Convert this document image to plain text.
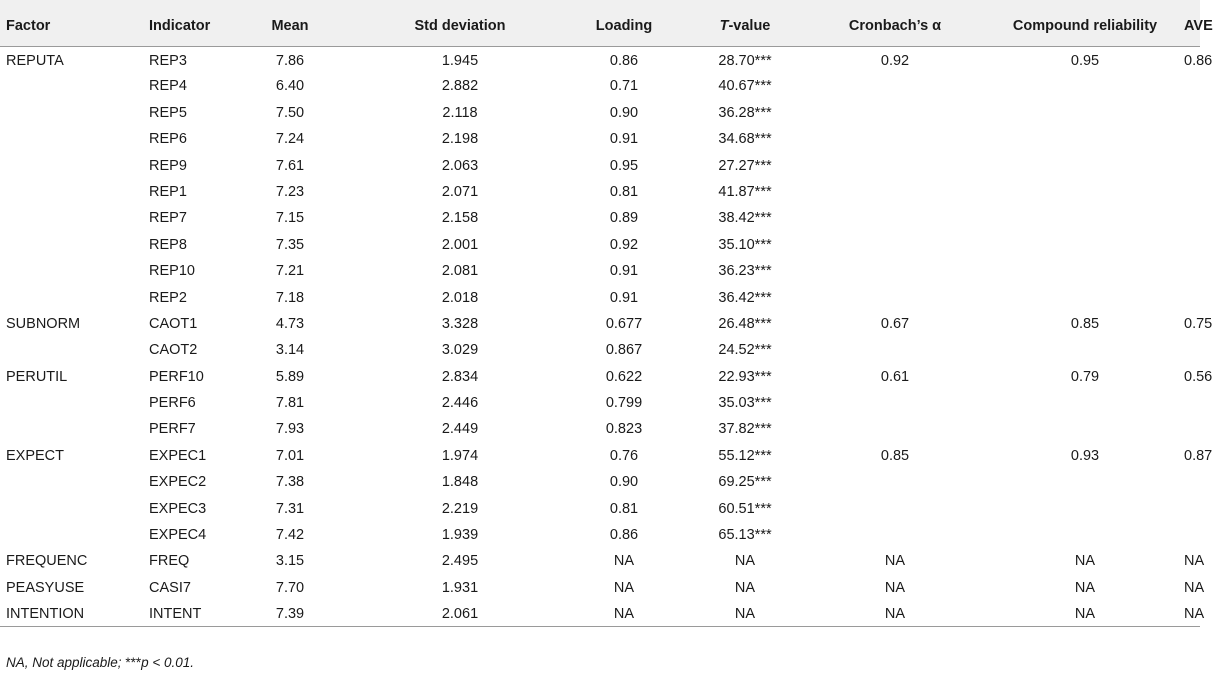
Factor	Indicator	Mean	Std deviation	Loading	T-value	Cronbach’s α	Compound reliability	AVE
REPUTA	REP3	7.86	1.945	0.86	28.70***	0.92	0.95	0.86
	REP4	6.40	2.882	0.71	40.67***			
	REP5	7.50	2.118	0.90	36.28***			
	REP6	7.24	2.198	0.91	34.68***			
	REP9	7.61	2.063	0.95	27.27***			
	REP1	7.23	2.071	0.81	41.87***			
	REP7	7.15	2.158	0.89	38.42***			
	REP8	7.35	2.001	0.92	35.10***			
	REP10	7.21	2.081	0.91	36.23***			
	REP2	7.18	2.018	0.91	36.42***			
SUBNORM	CAOT1	4.73	3.328	0.677	26.48***	0.67	0.85	0.75
	CAOT2	3.14	3.029	0.867	24.52***			
PERUTIL	PERF10	5.89	2.834	0.622	22.93***	0.61	0.79	0.56
	PERF6	7.81	2.446	0.799	35.03***			
	PERF7	7.93	2.449	0.823	37.82***			
EXPECT	EXPEC1	7.01	1.974	0.76	55.12***	0.85	0.93	0.87
	EXPEC2	7.38	1.848	0.90	69.25***			
	EXPEC3	7.31	2.219	0.81	60.51***			
	EXPEC4	7.42	1.939	0.86	65.13***			
FREQUENC	FREQ	3.15	2.495	NA	NA	NA	NA	NA
PEASYUSE	CASI7	7.70	1.931	NA	NA	NA	NA	NA
INTENTION	INTENT	7.39	2.061	NA	NA	NA	NA	NA
NA, Not applicable; ***p < 0.01.
